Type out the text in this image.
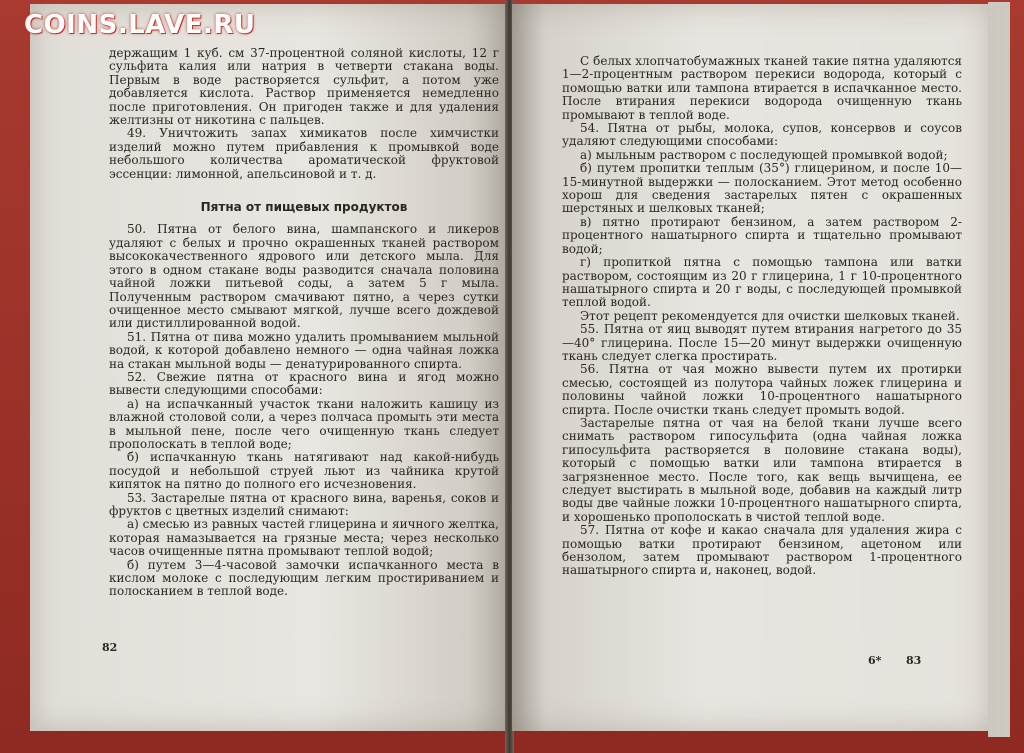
держащим 1 куб. см 37-процентной соляной кислоты, 12 г сульфита калия или натрия в четверти стакана воды. Первым в воде растворяется сульфит, а потом уже добавляется кислота. Раствор применяется немедленно после приготовления. Он пригоден также и для удаления желтизны от никотина с пальцев.

49. Уничтожить запах химикатов после химчистки изделий можно путем прибавления к промывкой воде небольшого количества ароматической фруктовой эссенции: лимонной, апельсиновой и т. д.

Пятна от пищевых продуктов

50. Пятна от белого вина, шампанского и ликеров удаляют с белых и прочно окрашенных тканей раствором высококачественного ядрового или детского мыла. Для этого в одном стакане воды разводится сначала половина чайной ложки питьевой соды, а затем 5 г мыла. Полученным раствором смачивают пятно, а через сутки очищенное место смывают мягкой, лучше всего дождевой или дистиллированной водой.

51. Пятна от пива можно удалить промыванием мыльной водой, к которой добавлено немного — одна чайная ложка на стакан мыльной воды — денатурированного спирта.

52. Свежие пятна от красного вина и ягод можно вывести следующими способами:

а) на испачканный участок ткани наложить кашицу из влажной столовой соли, а через полчаса промыть эти места в мыльной пене, после чего очищенную ткань следует прополоскать в теплой воде;

б) испачканную ткань натягивают над какой-нибудь посудой и небольшой струей льют из чайника крутой кипяток на пятно до полного его исчезновения.

53. Застарелые пятна от красного вина, варенья, соков и фруктов с цветных изделий снимают:

а) смесью из равных частей глицерина и яичного желтка, которая намазывается на грязные места; через несколько часов очищенные пятна промывают теплой водой;

б) путем 3—4-часовой замочки испачканного места в кислом молоке с последующим легким простириванием и полосканием в теплой воде.

82

С белых хлопчатобумажных тканей такие пятна удаляются 1—2-процентным раствором перекиси водорода, который с помощью ватки или тампона втирается в испачканное место. После втирания перекиси водорода очищенную ткань промывают в теплой воде.

54. Пятна от рыбы, молока, супов, консервов и соусов удаляют следующими способами:

а) мыльным раствором с последующей промывкой водой;

б) путем пропитки теплым (35°) глицерином, и после 10—15-минутной выдержки — полосканием. Этот метод особенно хорош для сведения застарелых пятен с окрашенных шерстяных и шелковых тканей;

в) пятно протирают бензином, а затем раствором 2-процентного нашатырного спирта и тщательно промывают водой;

г) пропиткой пятна с помощью тампона или ватки раствором, состоящим из 20 г глицерина, 1 г 10-процентного нашатырного спирта и 20 г воды, с последующей промывкой теплой водой.

Этот рецепт рекомендуется для очистки шелковых тканей.

55. Пятна от яиц выводят путем втирания нагретого до 35—40° глицерина. После 15—20 минут выдержки очищенную ткань следует слегка простирать.

56. Пятна от чая можно вывести путем их протирки смесью, состоящей из полутора чайных ложек глицерина и половины чайной ложки 10-процентного нашатырного спирта. После очистки ткань следует промыть водой.

Застарелые пятна от чая на белой ткани лучше всего снимать раствором гипосульфита (одна чайная ложка гипосульфита растворяется в половине стакана воды), который с помощью ватки или тампона втирается в загрязненное место. После того, как вещь вычищена, ее следует выстирать в мыльной воде, добавив на каждый литр воды две чайные ложки 10-процентного нашатырного спирта, и хорошенько прополоскать в чистой теплой воде.

57. Пятна от кофе и какао сначала для удаления жира с помощью ватки протирают бензином, ацетоном или бензолом, затем промывают раствором 1-процентного нашатырного спирта и, наконец, водой.

6* 83
COINS.LAVE.RU
